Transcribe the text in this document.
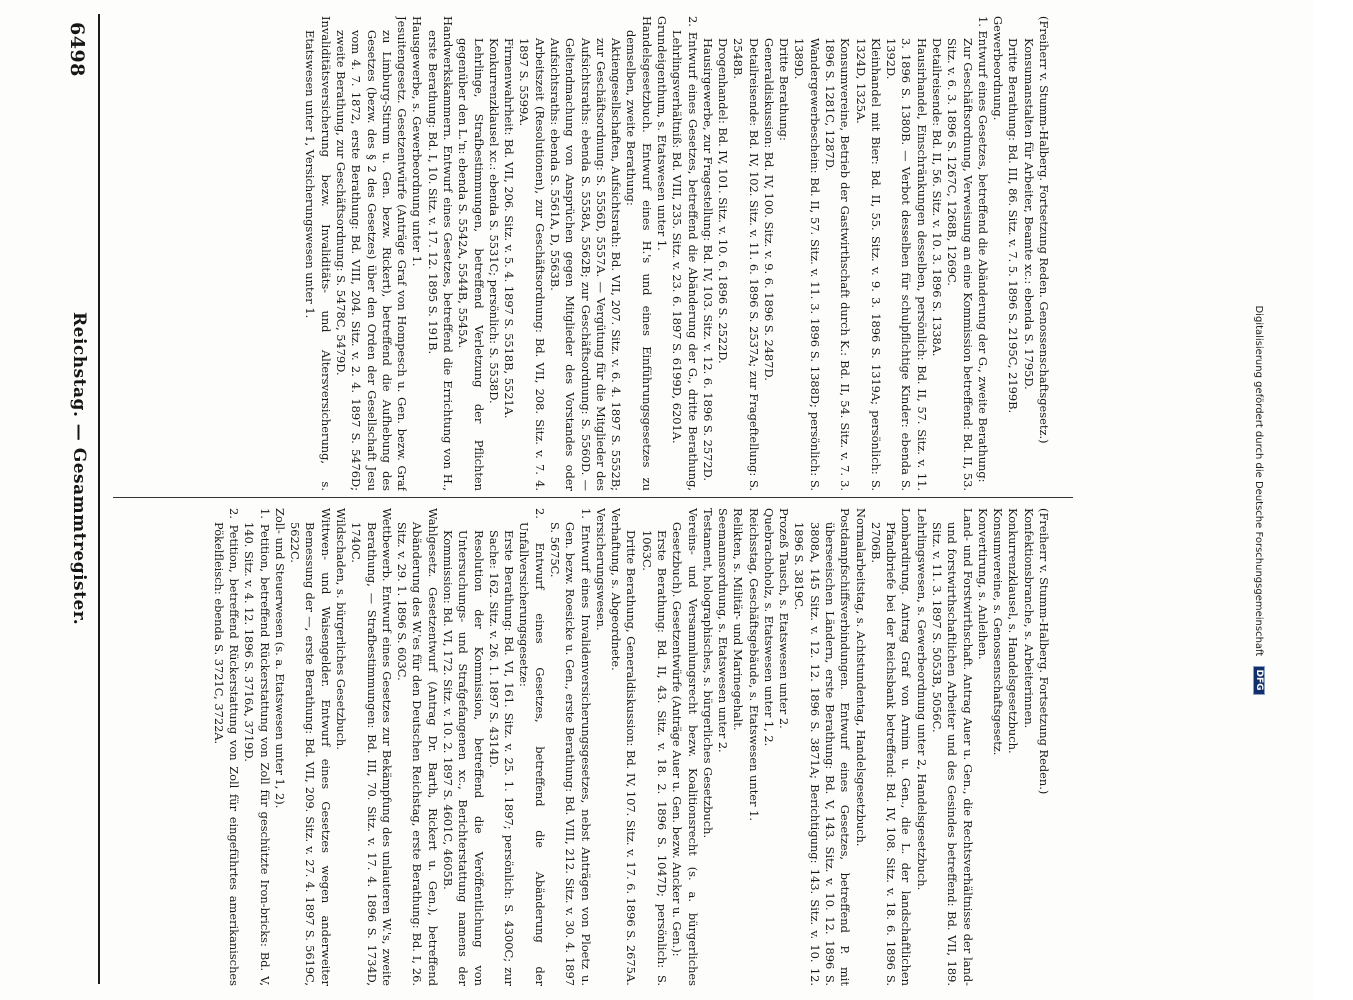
6498
Reichstag. — Gesammtregister.

(Freiherr v. Stumm-Halberg. Fortsetzung Reden. Genossenschaftsgesetz.)

Konsumanstalten für Arbeiter, Beamte xc.: ebenda S. 1795D.

Dritte Berathung: Bd. III, 86. Sitz. v. 7. 5. 1896 S. 2195C, 2199B.

Gewerbeordnung.

1. Entwurf eines Gesetzes, betreffend die Abänderung der G., zweite Berathung:

Zur Geschäftsordnung, Verweisung an eine Kommission betreffend: Bd. II, 53. Sitz. v. 6. 3. 1896 S. 1267C, 1268B, 1269C.

Detailreisende: Bd. II, 56. Sitz. v. 10. 3. 1896 S. 1338A.

Hausirhandel, Einschränkungen desselben, persönlich: Bd. II, 57. Sitz. v. 11. 3. 1896 S. 1380B. — Verbot desselben für schulpflichtige Kinder: ebenda S. 1392D.

Kleinhandel mit Bier: Bd. II, 55. Sitz. v. 9. 3. 1896 S. 1319A; persönlich: S. 1324D, 1325A.

Konsumvereine, Betrieb der Gastwirthschaft durch K.: Bd. II, 54. Sitz. v. 7. 3. 1896 S. 1281C, 1287D.

Wandergewerbeschein: Bd. II, 57. Sitz. v. 11. 3. 1896 S. 1388D; persönlich: S. 1389D.

Dritte Berathung:

Generaldiskussion: Bd. IV, 100. Sitz. v. 9. 6. 1896 S. 2487D.

Detailreisende: Bd. IV, 102. Sitz. v. 11. 6. 1896 S. 2537A; zur Frageftellung: S. 2548B.

Drogenhandel: Bd. IV, 101. Sitz. v. 10. 6. 1896 S. 2522D.

Hausirgewerbe, zur Fragestellung: Bd. IV, 103. Sitz. v. 12. 6. 1896 S. 2572D.

2. Entwurf eines Gesetzes, betreffend die Abänderung der G., dritte Berathung, Lehrlingsverhältniß: Bd. VIII, 235. Sitz. v. 23. 6. 1897 S. 6199D, 6201A.

Grundeigenthum, s. Etatswesen unter 1.

Handelsgesetzbuch. Entwurf eines H.'s und eines Einführungsgesetzes zu demselben, zweite Berathung:

Aktiengesellschaften, Aufsichtsrath: Bd. VII, 207. Sitz. v. 6. 4. 1897 S. 5552B; zur Geschäftsordnung: S. 5556D, 5557A. — Vergütung für die Mitglieder des Aufsichtsraths: ebenda S. 5558A, 5562B; zur Geschäftsordnung: S. 5560D. — Geltendmachung von Ansprüchen gegen Mitglieder des Vorstandes oder Aufsichtsraths: ebenda S. 5561A, D, 5563B.

Arbeitszeit (Resolutionen), zur Geschäftsordnung: Bd. VII, 208. Sitz. v. 7. 4. 1897 S. 5599A.

Firmenwahrheit: Bd. VII, 206. Sitz. v. 5. 4. 1897 S. 5518B, 5521A.

Konkurrenzklausel xc.: ebenda S. 5531C; persönlich: S. 5538D.

Lehrlinge, Strafbestimmungen, betreffend Verletzung der Pflichten gegenüber den L.'n: ebenda S. 5542A, 5544B, 5545A.

Handwerkskammern. Entwurf eines Gesetzes, betreffend die Errichtung von H., erste Berathung: Bd. I, 10. Sitz. v. 17. 12. 1895 S. 191B.

Hausgewerbe, s. Gewerbeordnung unter 1.

Jesuitengesetz. Gesetzentwürfe (Anträge Graf von Hompesch u. Gen. bezw. Graf zu Limburg-Stirum u. Gen. bezw. Rickert), betreffend die Aufhebung des Gesetzes (bezw. des § 2 des Gesetzes) über den Orden der Gesellschaft Jesu vom 4. 7. 1872, erste Berathung: Bd. VIII, 204. Sitz. v. 2. 4. 1897 S. 5476D; zweite Berathung, zur Geschäftsordnung: S. 5478C, 5479D.

Invaliditätsversicherung bezw. Invaliditäts- und Altersversicherung, s. Etatswesen unter 1, Versicherungswesen unter 1.

(Freiherr v. Stumm-Halberg. Fortsetzung Reden.)

Konfektionsbranche, s. Arbeiterinnen.

Konkurrenzklausel, s. Handelsgesetzbuch.

Konsumvereine, s. Genossenschaftsgesetz.

Konvertirung, s. Anleihen.

Land- und Forstwirthschaft. Antrag Auer u. Gen., die Rechtsverhältnisse der land- und forstwirthschaftlichen Arbeiter und des Gesindes betreffend: Bd. VII, 189. Sitz. v. 11. 3. 1897 S. 5053B, 5056C.

Lehrlingswesen, s. Gewerbeordnung unter 2, Handelsgesetzbuch.

Lombardirung. Antrag Graf von Arnim u. Gen., die L. der landschaftlichen Pfandbriefe bei der Reichsbank betreffend: Bd. IV, 108. Sitz. v. 18. 6. 1896 S. 2706B.

Normalarbeitstag, s. Achtstundentag, Handelsgesetzbuch.

Postdampfschiffsverbindungen. Entwurf eines Gesetzes, betreffend P. mit überseeischen Ländern, erste Berathung: Bd. V, 143. Sitz. v. 10. 12. 1896 S. 3808A, 145 Sitz. v. 12. 12. 1896 S. 3871A; Berichtigung: 143. Sitz. v. 10. 12. 1896 S. 3819C.

Prozeß Tausch, s. Etatswesen unter 2.

Quebrachoholz, s. Etatswesen unter 1, 2.

Reichsstag, Geschäftsgebäude, s. Etatswesen unter 1.

Relikten, s. Militär- und Marinegehalt.

Seemannsordnung, s. Etatswesen unter 2.

Testament, holographisches, s. bürgerliches Gesetzbuch.

Vereins- und Versammlungsrecht bezw. Koalitionsrecht (s. a. bürgerliches Gesetzbuch). Gesetzentwürfe (Anträge Auer u. Gen. bezw. Ancker u. Gen.):

Erste Berathung: Bd. II, 43. Sitz. v. 18. 2. 1896 S. 1047D; persönlich: S. 1063C.

Dritte Berathung, Generaldiskussion: Bd. IV, 107. Sitz. v. 17. 6. 1896 S. 2675A.

Verhaftung, s. Abgeordnete.

Versicherungswesen.

1. Entwurf eines Invalidenversicherungsgesetzes, nebst Anträgen von Ploetz u. Gen. bezw. Roesicke u. Gen., erste Berathung: Bd. VIII, 212. Sitz. v. 30. 4. 1897 S. 5675C.

2. Entwurf eines Gesetzes, betreffend die Abänderung der Unfallversicherungsgesetze:

Erste Berathung: Bd. VI, 161. Sitz. v. 25. 1. 1897; persönlich: S. 4300C; zur Sache: 162. Sitz. v. 26. 1. 1897 S. 4314D.

Resolution der Kommission, betreffend die Veröffentlichung von Untersuchungs- und Strafgefangenen xc., Berichterstattung namens der Kommission: Bd. VI, 172. Sitz. v. 10. 2. 1897 S. 4601C, 4605B.

Wahlgesetz. Gesetzentwurf (Antrag Dr. Barth, Rickert u. Gen.), betreffend Abänderung des W.'es für den Deutschen Reichstag, erste Berathung: Bd. I, 26. Sitz. v. 29. 1. 1896 S. 603C.

Wettbewerb. Entwurf eines Gesetzes zur Bekämpfung des unlauteren W.'s, zweite Berathung, — Strafbestimmungen: Bd. III, 70. Sitz. v. 17. 4. 1896 S. 1734D, 1740C.

Wildschaden, s. bürgerliches Gesetzbuch.

Wittwen- und Waisengelder. Entwurf eines Gesetzes wegen anderweiter Bemessung der —, erste Berathung: Bd. VII, 209. Sitz. v. 27. 4. 1897 S. 5619C, 5622C.

Zoll- und Steuerwesen (s. a. Etatswesen unter 1, 2).

1. Petition, betreffend Rückerstattung von Zoll für geschützte Iron-bricks: Bd. V, 140. Sitz. v. 4. 12. 1896 S. 3716A, 3719D.

2. Petition, betreffend Rückerstattung von Zoll für eingeführtes amerikanisches Pökelfleisch: ebenda S. 3721C, 3722A.	Digitalisierung gefördert durch die Deutsche Forschungsgemeinschaft DFG
